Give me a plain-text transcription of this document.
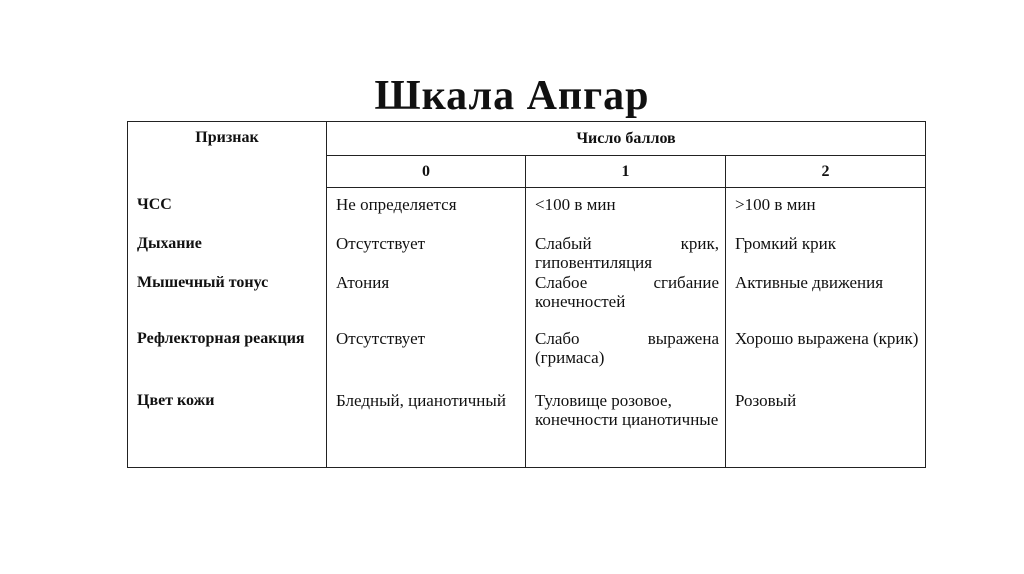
Шкала Апгар
Признак	Число баллов		
	0	1	2
ЧСС	Не определяется	<100 в мин	>100 в мин
Дыхание	Отсутствует	Слабый крик, гиповентиляция	Громкий крик
Мышечный тонус	Атония	Слабое сгибание конечностей	Активные движения
Рефлекторная реакция	Отсутствует	Слабо выражена (гримаса)	Хорошо выражена (крик)
Цвет кожи	Бледный, цианотичный	Туловище розовое, конечности цианотичные	Розовый
